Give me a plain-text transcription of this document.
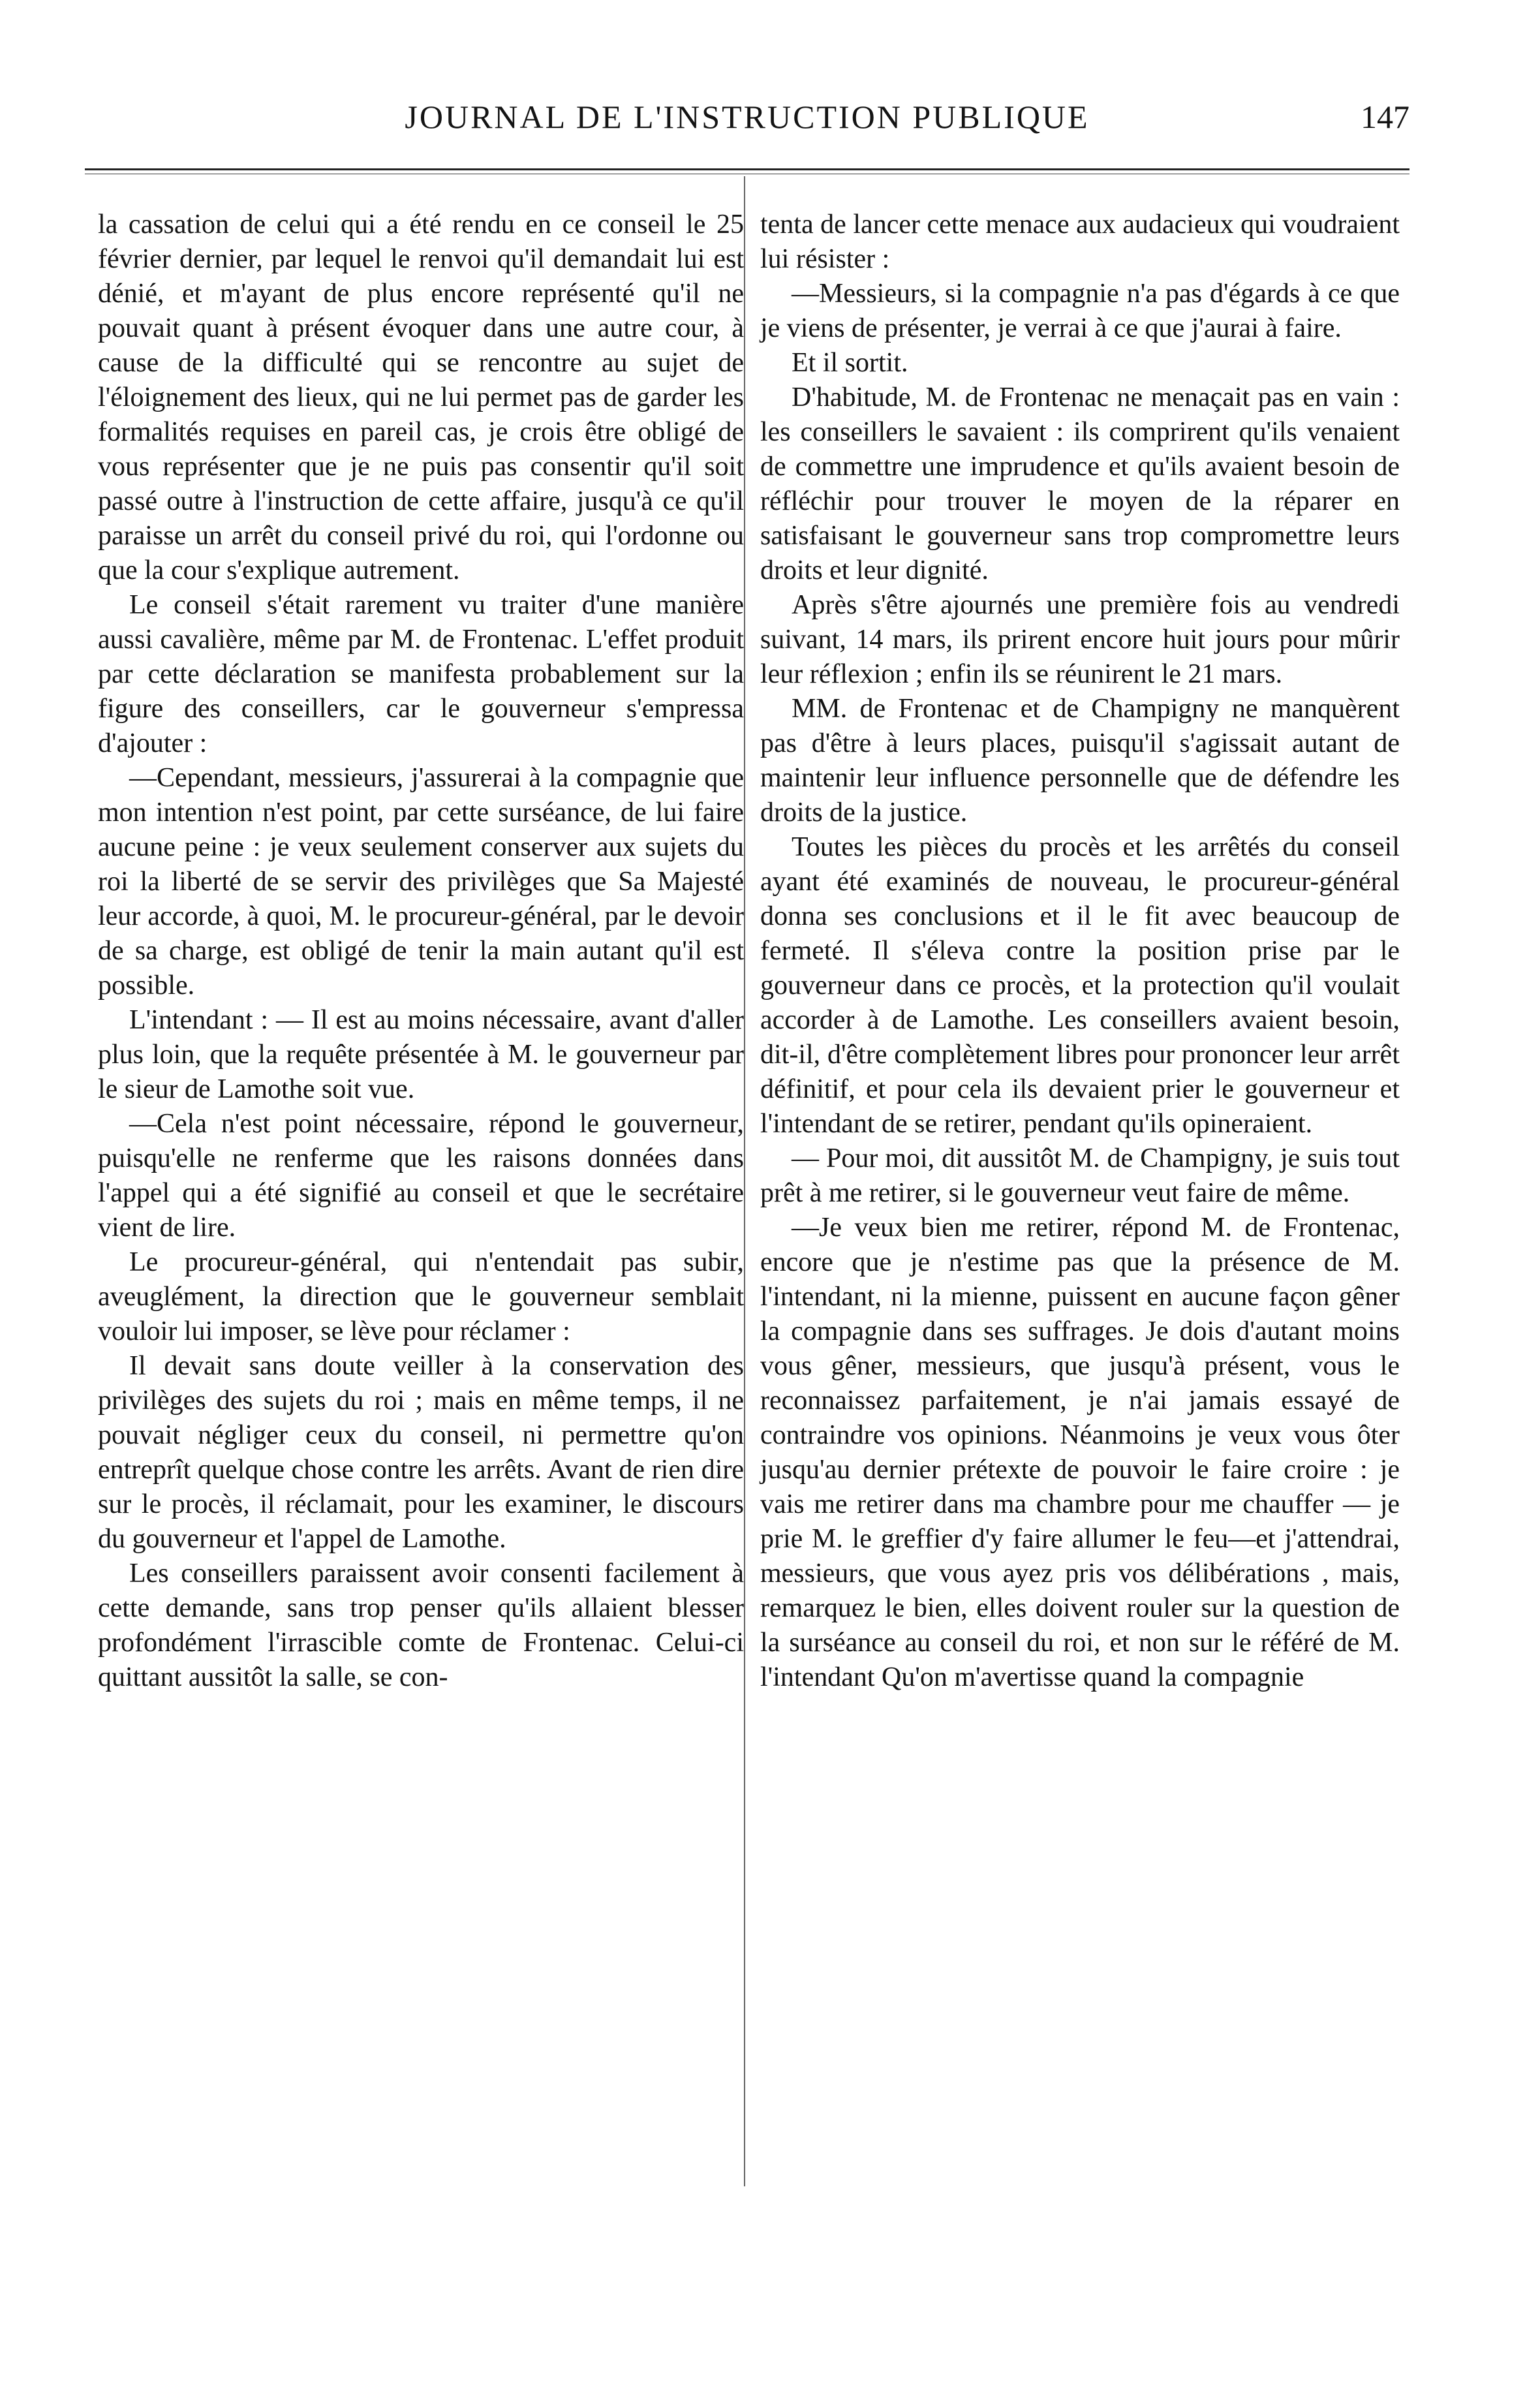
JOURNAL DE L'INSTRUCTION PUBLIQUE	147

la cassation de celui qui a été rendu en ce conseil le 25 février dernier, par lequel le renvoi qu'il demandait lui est dénié, et m'ayant de plus encore représenté qu'il ne pouvait quant à présent évoquer dans une autre cour, à cause de la difficulté qui se rencontre au sujet de l'éloignement des lieux, qui ne lui permet pas de garder les formalités requises en pareil cas, je crois être obligé de vous représenter que je ne puis pas consentir qu'il soit passé outre à l'instruction de cette affaire, jusqu'à ce qu'il paraisse un arrêt du conseil privé du roi, qui l'ordonne ou que la cour s'explique autrement.

Le conseil s'était rarement vu traiter d'une manière aussi cavalière, même par M. de Frontenac. L'effet produit par cette déclaration se manifesta probablement sur la figure des conseillers, car le gouverneur s'empressa d'ajouter :

—Cependant, messieurs, j'assurerai à la compagnie que mon intention n'est point, par cette surséance, de lui faire aucune peine : je veux seulement conserver aux sujets du roi la liberté de se servir des privilèges que Sa Majesté leur accorde, à quoi, M. le procureur-général, par le devoir de sa charge, est obligé de tenir la main autant qu'il est possible.

L'intendant : — Il est au moins nécessaire, avant d'aller plus loin, que la requête présentée à M. le gouverneur par le sieur de Lamothe soit vue.

—Cela n'est point nécessaire, répond le gouverneur, puisqu'elle ne renferme que les raisons données dans l'appel qui a été signifié au conseil et que le secrétaire vient de lire.

Le procureur-général, qui n'entendait pas subir, aveuglément, la direction que le gouverneur semblait vouloir lui imposer, se lève pour réclamer :

Il devait sans doute veiller à la conservation des privilèges des sujets du roi ; mais en même temps, il ne pouvait négliger ceux du conseil, ni permettre qu'on entreprît quelque chose contre les arrêts. Avant de rien dire sur le procès, il réclamait, pour les examiner, le discours du gouverneur et l'appel de Lamothe.

Les conseillers paraissent avoir consenti facilement à cette demande, sans trop penser qu'ils allaient blesser profondément l'irrascible comte de Frontenac. Celui-ci quittant aussitôt la salle, se con-

tenta de lancer cette menace aux audacieux qui voudraient lui résister :

—Messieurs, si la compagnie n'a pas d'égards à ce que je viens de présenter, je verrai à ce que j'aurai à faire.

Et il sortit.

D'habitude, M. de Frontenac ne menaçait pas en vain : les conseillers le savaient : ils comprirent qu'ils venaient de commettre une imprudence et qu'ils avaient besoin de réfléchir pour trouver le moyen de la réparer en satisfaisant le gouverneur sans trop compromettre leurs droits et leur dignité.

Après s'être ajournés une première fois au vendredi suivant, 14 mars, ils prirent encore huit jours pour mûrir leur réflexion ; enfin ils se réunirent le 21 mars.

MM. de Frontenac et de Champigny ne manquèrent pas d'être à leurs places, puisqu'il s'agissait autant de maintenir leur influence personnelle que de défendre les droits de la justice.

Toutes les pièces du procès et les arrêtés du conseil ayant été examinés de nouveau, le procureur-général donna ses conclusions et il le fit avec beaucoup de fermeté. Il s'éleva contre la position prise par le gouverneur dans ce procès, et la protection qu'il voulait accorder à de Lamothe. Les conseillers avaient besoin, dit-il, d'être complètement libres pour prononcer leur arrêt définitif, et pour cela ils devaient prier le gouverneur et l'intendant de se retirer, pendant qu'ils opineraient.

— Pour moi, dit aussitôt M. de Champigny, je suis tout prêt à me retirer, si le gouverneur veut faire de même.

—Je veux bien me retirer, répond M. de Frontenac, encore que je n'estime pas que la présence de M. l'intendant, ni la mienne, puissent en aucune façon gêner la compagnie dans ses suffrages. Je dois d'autant moins vous gêner, messieurs, que jusqu'à présent, vous le reconnaissez parfaitement, je n'ai jamais essayé de contraindre vos opinions. Néanmoins je veux vous ôter jusqu'au dernier prétexte de pouvoir le faire croire : je vais me retirer dans ma chambre pour me chauffer — je prie M. le greffier d'y faire allumer le feu—et j'attendrai, messieurs, que vous ayez pris vos délibérations , mais, remarquez le bien, elles doivent rouler sur la question de la surséance au conseil du roi, et non sur le référé de M. l'intendant Qu'on m'avertisse quand la compagnie
